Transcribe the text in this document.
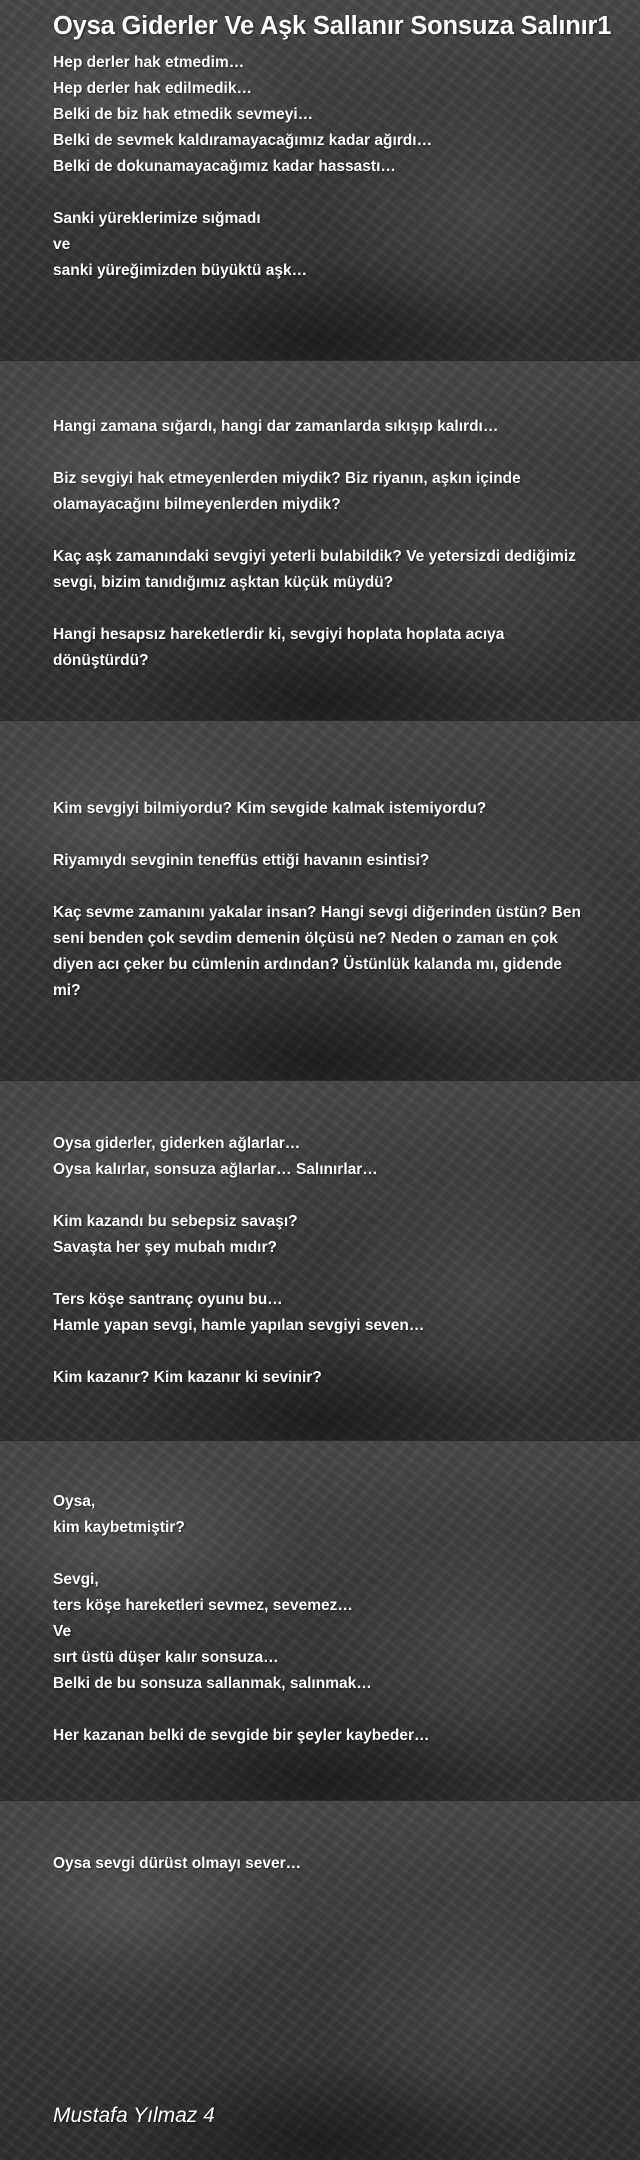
Oysa Giderler Ve Aşk Sallanır Sonsuza Salınır1
Hep derler hak etmedim…
Hep derler hak edilmedik…
Belki de biz hak etmedik sevmeyi…
Belki de sevmek kaldıramayacağımız kadar ağırdı…
Belki de dokunamayacağımız kadar hassastı…
Sanki yüreklerimize sığmadı
ve
sanki yüreğimizden büyüktü aşk…
Hangi zamana sığardı, hangi dar zamanlarda sıkışıp kalırdı…
Biz sevgiyi hak etmeyenlerden miydik? Biz riyanın, aşkın içinde olamayacağını bilmeyenlerden miydik?
Kaç aşk zamanındaki sevgiyi yeterli bulabildik? Ve yetersizdi dediğimiz sevgi, bizim tanıdığımız aşktan küçük müydü?
Hangi hesapsız hareketlerdir ki, sevgiyi hoplata hoplata acıya dönüştürdü?
Kim sevgiyi bilmiyordu? Kim sevgide kalmak istemiyordu?
Riyamıydı sevginin teneffüs ettiği havanın esintisi?
Kaç sevme zamanını yakalar insan? Hangi sevgi diğerinden üstün? Ben seni benden çok sevdim demenin ölçüsü ne? Neden o zaman en çok diyen acı çeker bu cümlenin ardından? Üstünlük kalanda mı, gidende mi?
Oysa giderler, giderken ağlarlar…
Oysa kalırlar, sonsuza ağlarlar… Salınırlar…
Kim kazandı bu sebepsiz savaşı?
Savaşta her şey mubah mıdır?
Ters köşe santranç oyunu bu…
Hamle yapan sevgi, hamle yapılan sevgiyi seven…
Kim kazanır? Kim kazanır ki sevinir?
Oysa,
kim kaybetmiştir?
Sevgi,
ters köşe hareketleri sevmez, sevemez…
Ve
sırt üstü düşer kalır sonsuza…
Belki de bu sonsuza sallanmak, salınmak…
Her kazanan belki de sevgide bir şeyler kaybeder…
Oysa sevgi dürüst olmayı sever…
Mustafa Yılmaz 4
